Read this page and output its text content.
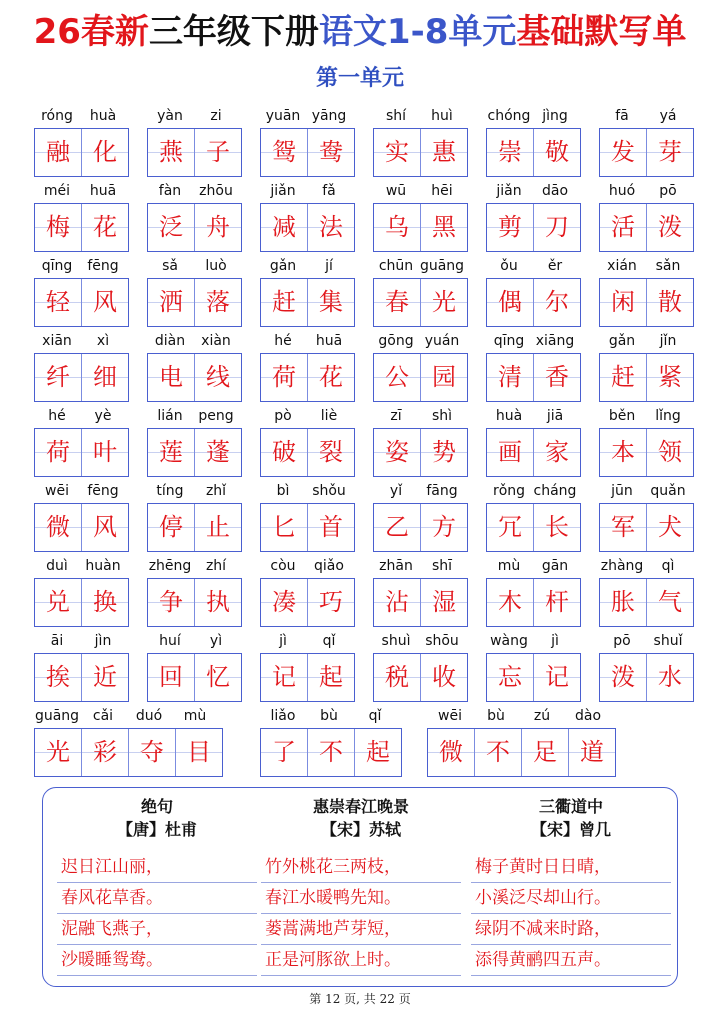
26春新三年级下册语文1-8单元基础默写单
第一单元
róng	huà
融 化
yàn	zi
燕 子
yuān yāng
鸳 鸯
shí	huì
实 惠
chóng jìng
崇 敬
fā	yá
发 芽
méi	huā
梅 花
fàn	zhōu
泛 舟
jiǎn	fǎ
减 法
wū	hēi
乌 黑
jiǎn	dāo
剪 刀
huó	pō
活 泼
qīng	fēng
轻 风
sǎ	luò
洒 落
gǎn	jí
赶 集
chūn guāng
春 光
ǒu	ěr
偶 尔
xián	sǎn
闲 散
xiān	xì
纤 细
diàn	xiàn
电 线
hé	huā
荷 花
gōng yuán
公 园
qīng xiāng
清 香
gǎn	jǐn
赶 紧
hé	yè
荷 叶
lián	peng
莲 蓬
pò	liè
破 裂
zī	shì
姿 势
huà	jiā
画 家
běn	lǐng
本 领
wēi	fēng
微 风
tíng	zhǐ
停 止
bì	shǒu
匕 首
yǐ	fāng
乙 方
rǒng cháng
冗 长
jūn	quǎn
军 犬
duì	huàn
兑 换
zhēng	zhí
争 执
còu	qiǎo
凑 巧
zhān	shī
沾 湿
mù	gān
木 杆
zhàng	qì
胀 气
āi	jìn
挨 近
huí	yì
回 忆
jì	qǐ
记 起
shuì	shōu
税 收
wàng	jì
忘 记
pō	shuǐ
泼 水
guāng cǎi	duó	mù
光 彩 夺 目
liǎo	bù	qǐ
了 不 起
wēi	bù	zú	dào
微 不 足 道
绝句
【唐】杜甫
迟日江山丽，
春风花草香。
泥融飞燕子，
沙暖睡鸳鸯。
惠崇春江晚景
【宋】苏轼
竹外桃花三两枝，
春江水暖鸭先知。
蒌蒿满地芦芽短，
正是河豚欲上时。
三衢道中
【宋】曾几
梅子黄时日日晴，
小溪泛尽却山行。
绿阴不减来时路，
添得黄鹂四五声。
第 12 页, 共 22 页
